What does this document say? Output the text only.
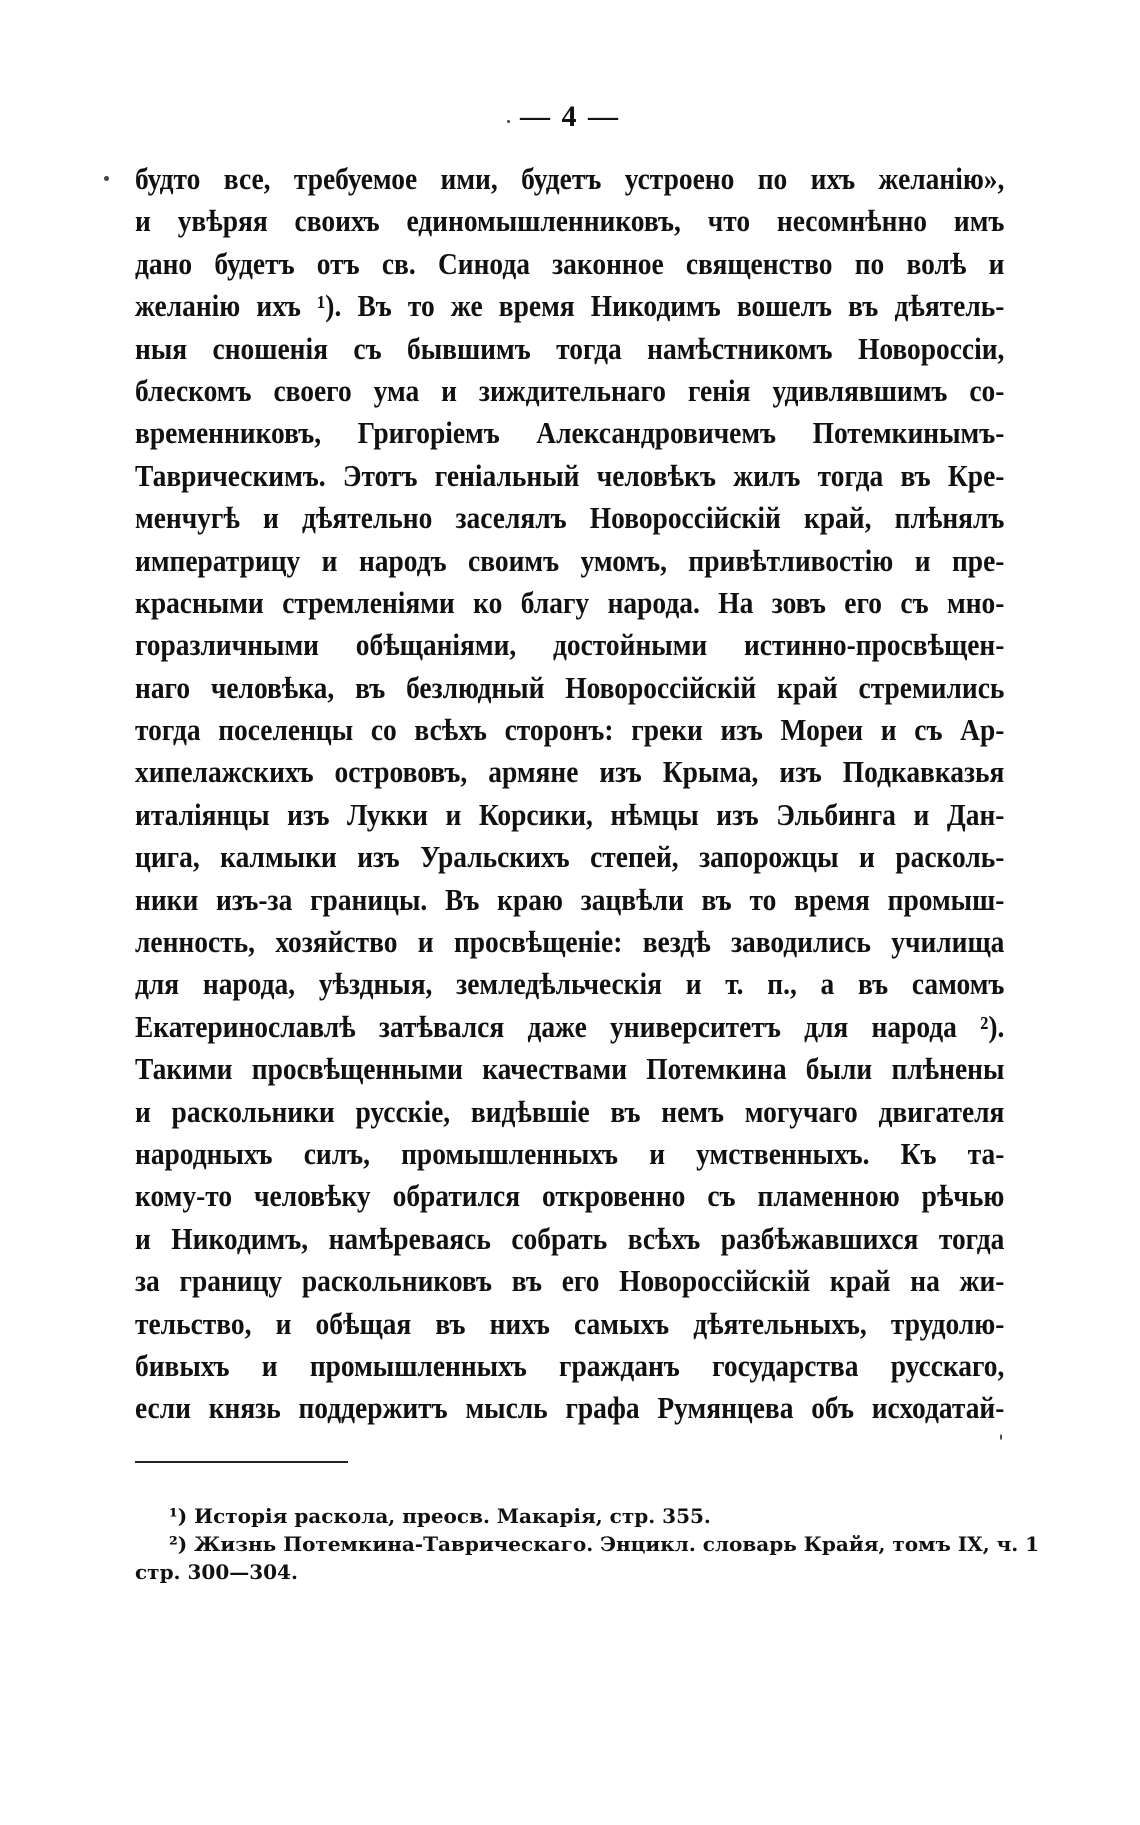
— 4 —
будто все, требуемое ими, будетъ устроено по ихъ желанію»,
и увѣряя своихъ единомышленниковъ, что несомнѣнно имъ
дано будетъ отъ св. Синода законное священство по волѣ и
желанію ихъ ¹). Въ то же время Никодимъ вошелъ въ дѣятель-
ныя сношенія съ бывшимъ тогда намѣстникомъ Новороссіи,
блескомъ своего ума и зиждительнаго генія удивлявшимъ со-
временниковъ, Григоріемъ Александровичемъ Потемкинымъ-
Таврическимъ. Этотъ геніальный человѣкъ жилъ тогда въ Кре-
менчугѣ и дѣятельно заселялъ Новороссійскій край, плѣнялъ
императрицу и народъ своимъ умомъ, привѣтливостію и пре-
красными стремленіями ко благу народа. На зовъ его съ мно-
горазличными обѣщаніями, достойными истинно-просвѣщен-
наго человѣка, въ безлюдный Новороссійскій край стремились
тогда поселенцы со всѣхъ сторонъ: греки изъ Мореи и съ Ар-
хипелажскихъ острововъ, армяне изъ Крыма, изъ Подкавказья
италіянцы изъ Лукки и Корсики, нѣмцы изъ Эльбинга и Дан-
цига, калмыки изъ Уральскихъ степей, запорожцы и расколь-
ники изъ-за границы. Въ краю зацвѣли въ то время промыш-
ленность, хозяйство и просвѣщеніе: вездѣ заводились училища
для народа, уѣздныя, земледѣльческія и т. п., а въ самомъ
Екатеринославлѣ затѣвался даже университетъ для народа ²).
Такими просвѣщенными качествами Потемкина были плѣнены
и раскольники русскіе, видѣвшіе въ немъ могучаго двигателя
народныхъ силъ, промышленныхъ и умственныхъ. Къ та-
кому-то человѣку обратился откровенно съ пламенною рѣчью
и Никодимъ, намѣреваясь собрать всѣхъ разбѣжавшихся тогда
за границу раскольниковъ въ его Новороссійскій край на жи-
тельство, и обѣщая въ нихъ самыхъ дѣятельныхъ, трудолю-
бивыхъ и промышленныхъ гражданъ государства русскаго,
если князь поддержитъ мысль графа Румянцева объ исходатай-
¹) Исторія раскола, преосв. Макарія, стр. 355.
²) Жизнь Потемкина-Таврическаго. Энцикл. словарь Крайя, томъ IX, ч. 1
стр. 300—304.
